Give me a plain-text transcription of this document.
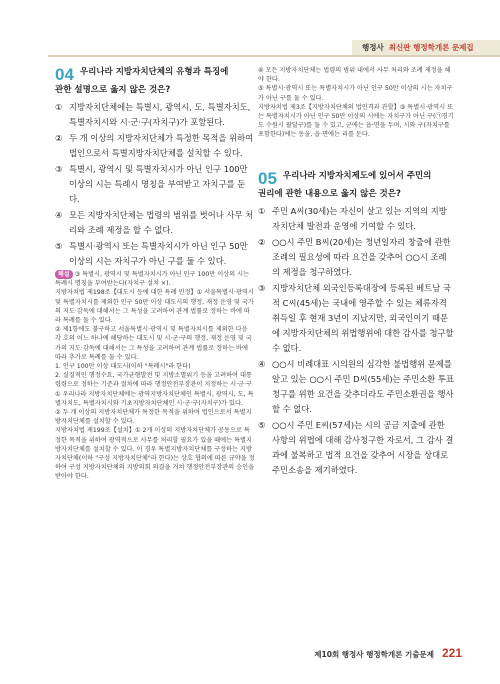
행정사 최신판 행정학개론 문제집
04 우리나라 지방자치단체의 유형과 특징에
관한 설명으로 옳지 않은 것은?
① 지방자치단체에는 특별시, 광역시, 도, 특별자치도, 특별자치시와 시·군·구(자치구)가 포함된다.
② 두 개 이상의 지방자치단체가 특정한 목적을 위하여 법인으로서 특별지방자치단체를 설치할 수 있다.
③ 특별시, 광역시 및 특별자치시가 아닌 인구 100만 이상의 시는 특례시 명칭을 부여받고 자치구를 둔다.
④ 모든 지방자치단체는 법령의 범위를 벗어나 사무 처리와 조례 제정을 할 수 없다.
⑤ 특별시·광역시 또는 특별자치시가 아닌 인구 50만 이상의 시는 자치구가 아닌 구를 둘 수 있다.
해설 ③ 특별시, 광역시 및 특별자치시가 아닌 인구 100만 이상의 시는 특례시 명칭을 부여받는다(자치구 설치 ×).
지방자치법 제198조【대도시 등에 대한 특례 인정】① 서울특별시·광역시 및 특별자치시를 제외한 인구 50만 이상 대도시의 행정, 재정 운영 및 국가의 지도·감독에 대해서는 그 특성을 고려하여 관계 법률로 정하는 바에 따라 특례를 둘 수 있다.
② 제1항에도 불구하고 서울특별시·광역시 및 특별자치시를 제외한 다음 각 호의 어느 하나에 해당하는 대도시 및 시·군·구의 행정, 재정 운영 및 국가의 지도·감독에 대해서는 그 특성을 고려하여 관계 법률로 정하는 바에 따라 추가로 특례를 둘 수 있다.
1. 인구 100만 이상 대도시(이하 "특례시"라 한다)
2. 실질적인 행정수요, 국가균형발전 및 지방소멸위기 등을 고려하여 대통령령으로 정하는 기준과 절차에 따라 행정안전부장관이 지정하는 시·군·구
① 우리나라 지방자치단체에는 광역지방자치단체인 특별시, 광역시, 도, 특별자치도, 특별자치시와 기초지방자치단체인 시·군·구(자치구)가 있다.
② 두 개 이상의 지방자치단체가 특정한 목적을 위하여 법인으로서 특별지방자치단체를 설치할 수 있다.
지방자치법 제199조【설치】① 2개 이상의 지방자치단체가 공동으로 특정한 목적을 위하여 광역적으로 사무를 처리할 필요가 있을 때에는 특별지방자치단체를 설치할 수 있다. 이 경우 특별지방자치단체를 구성하는 지방자치단체(이하 "구성 지방자치단체"라 한다)는 상호 협의에 따른 규약을 정하여 구성 지방자치단체의 지방의회 의결을 거쳐 행정안전부장관의 승인을 받아야 한다.
④ 모든 지방자치단체는 법령의 범위 내에서 사무 처리와 조례 제정을 해야 한다.
⑤ 특별시·광역시 또는 특별자치시가 아닌 인구 50만 이상의 시는 자치구가 아닌 구를 둘 수 있다.
지방자치법 제3조【지방자치단체의 법인격과 관할】③ 특별시·광역시 또는 특별자치시가 아닌 인구 50만 이상의 시에는 자치구가 아닌 구(㉠경기도 수원시 팔달구)를 둘 수 있고, 군에는 읍·면을 두며, 시와 구(자치구를 포함한다)에는 동을, 읍·면에는 리를 둔다.
05 우리나라 지방자치제도에 있어서 주민의
권리에 관한 내용으로 옳지 않은 것은?
① 주민 A씨(30세)는 자신이 살고 있는 지역의 지방자치단체 발전과 운영에 기여할 수 있다.
② ○○시 주민 B씨(20세)는 청년일자리 창출에 관한 조례의 필요성에 따라 요건을 갖추어 ○○시 조례의 제정을 청구하였다.
③ 지방자치단체 외국인등록대장에 등록된 베트남 국적 C씨(45세)는 국내에 영주할 수 있는 체류자격 취득일 후 현재 3년이 지났지만, 외국인이기 때문에 지방자치단체의 위법행위에 대한 감사를 청구할 수 없다.
④ ○○시 비례대표 시의원의 심각한 불법행위 문제를 알고 있는 ○○시 주민 D씨(55세)는 주민소환 투표 청구를 위한 요건을 갖추더라도 주민소환권을 행사할 수 없다.
⑤ ○○시 주민 E씨(57세)는 시의 공금 지출에 관한 사항의 위법에 대해 감사청구한 자로서, 그 감사 결과에 불복하고 법적 요건을 갖추어 시장을 상대로 주민소송을 제기하였다.
제10회 행정사 행정학개론 기출문제 221
